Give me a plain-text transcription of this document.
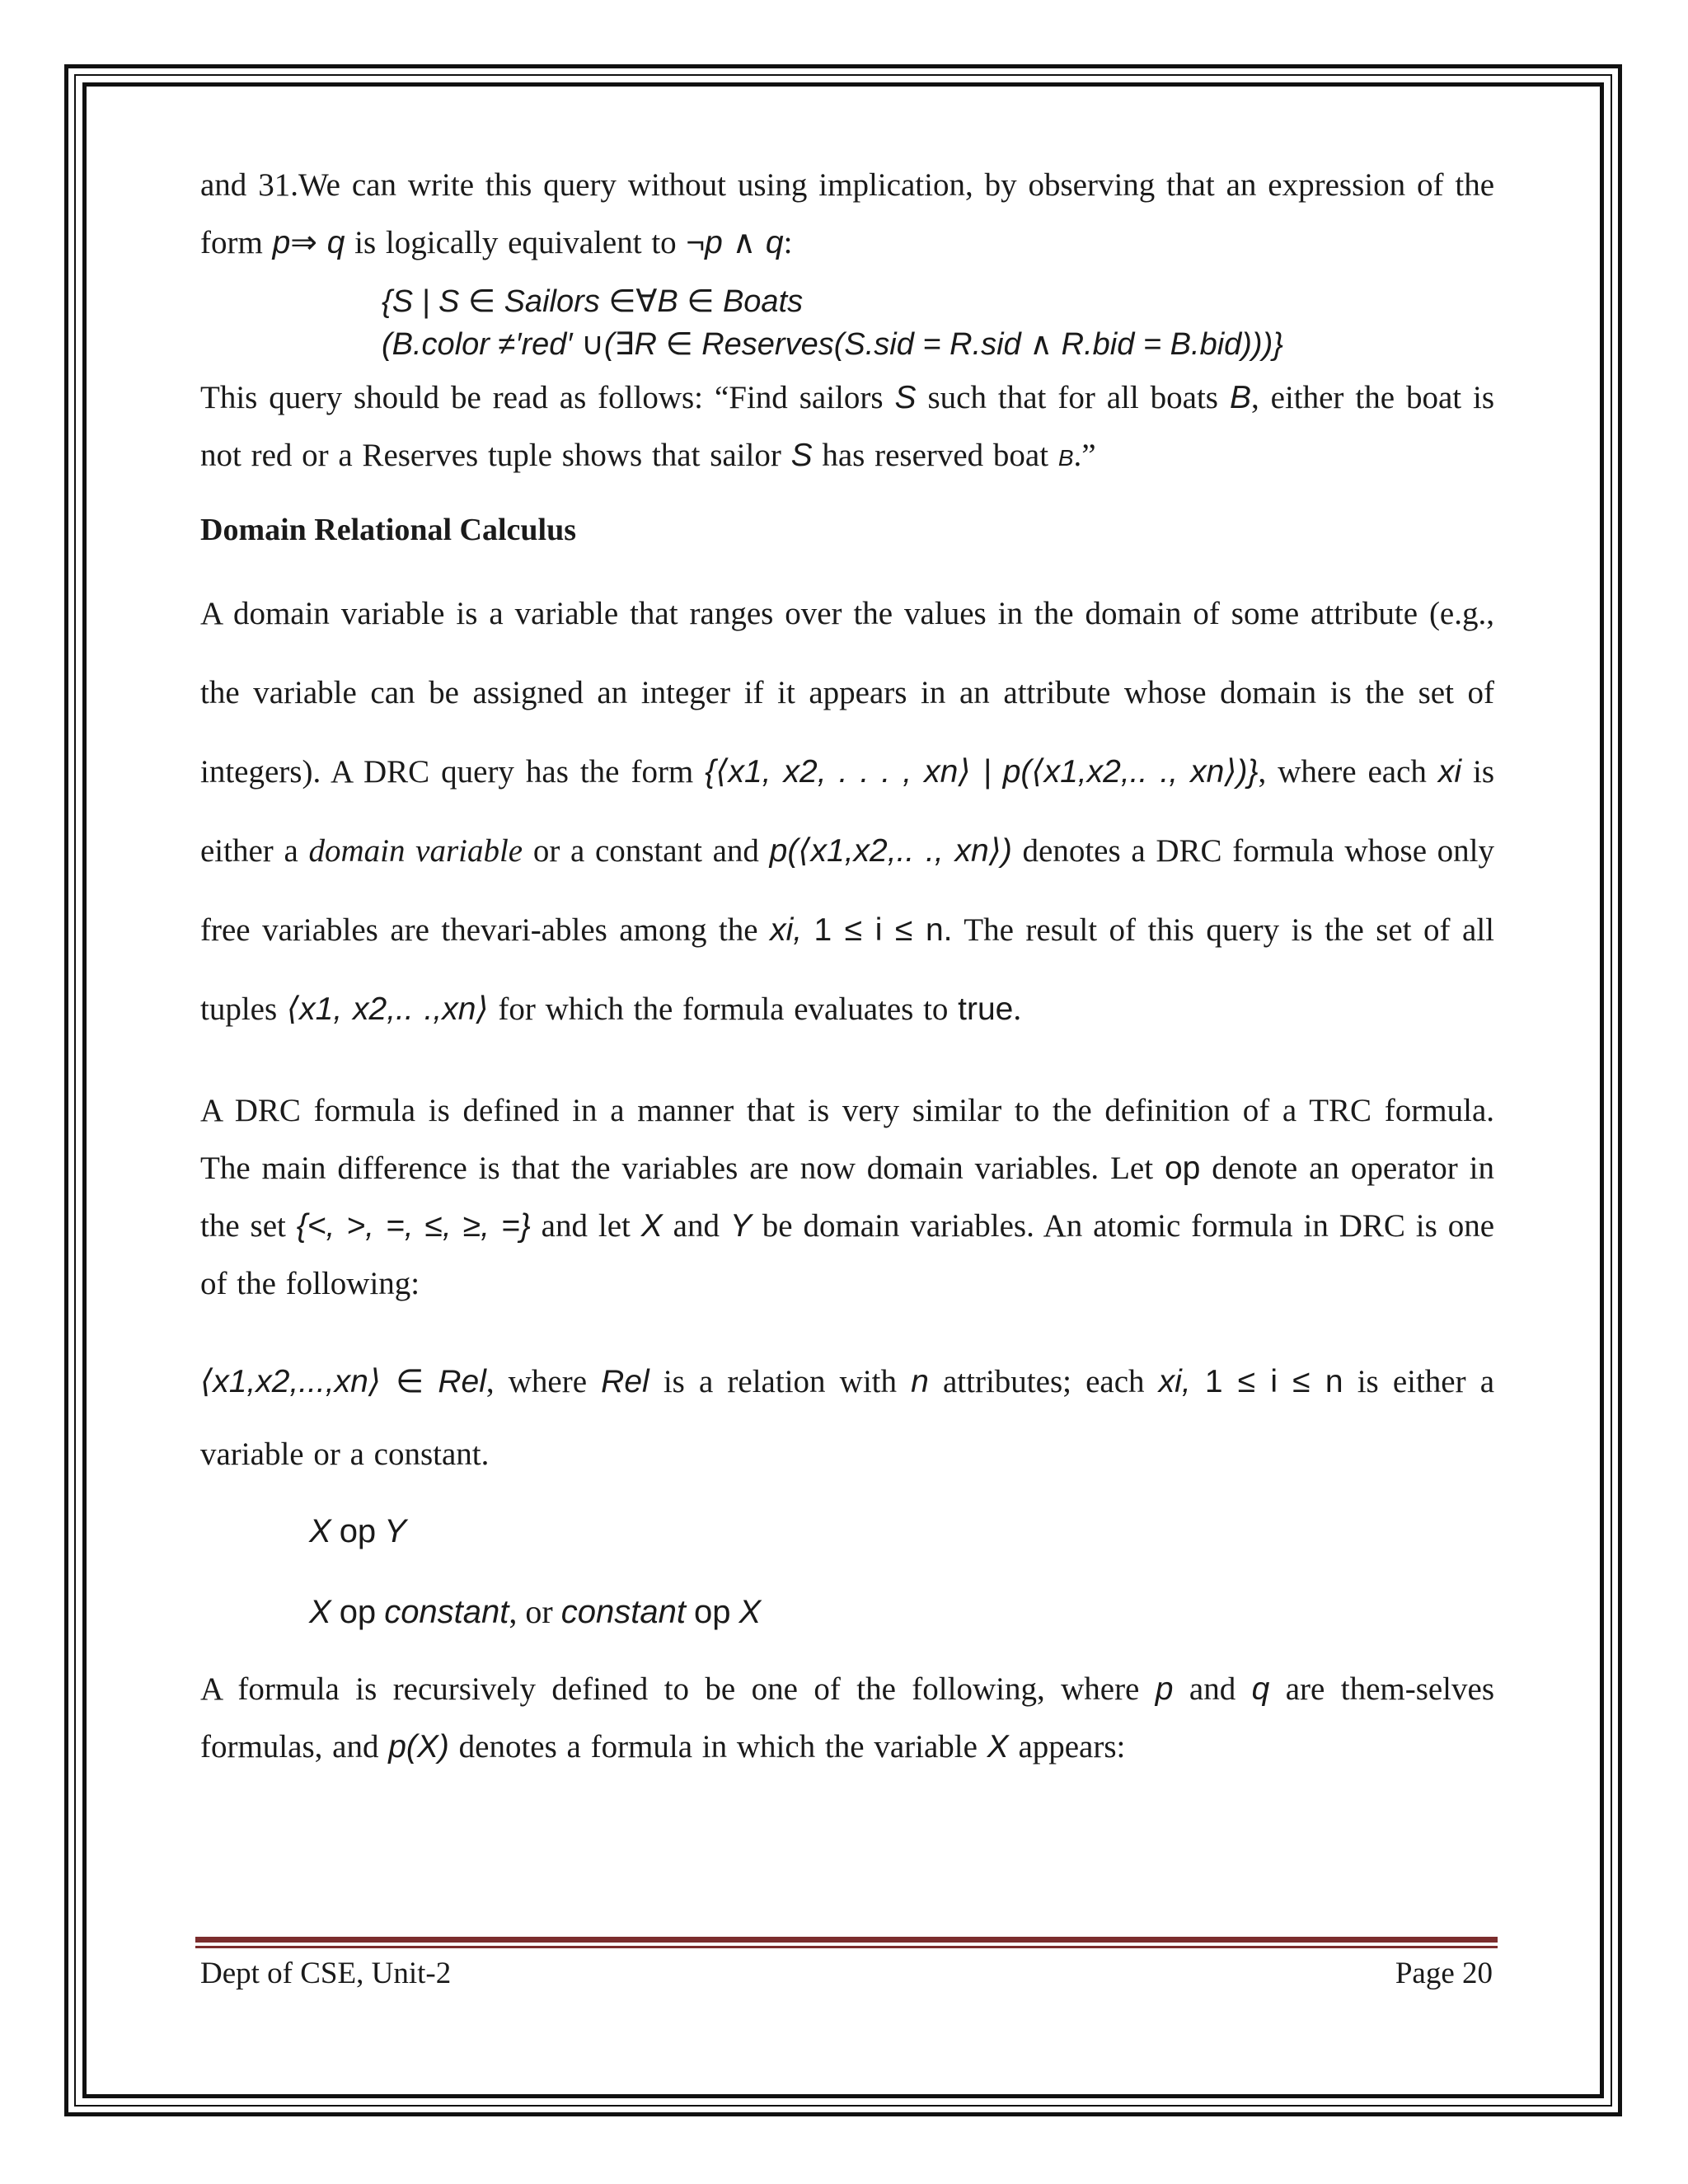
and 31.We can write this query without using implication, by observing that an expression of the form p⇒ q is logically equivalent to ¬p ∧ q:

{S | S ∈ Sailors ∈∀B ∈ Boats
(B.color ≠′red′ ∪(∃R ∈ Reserves(S.sid = R.sid ∧ R.bid = B.bid)))}

This query should be read as follows: “Find sailors S such that for all boats B, either the boat is not red or a Reserves tuple shows that sailor S has reserved boat B.”

Domain Relational Calculus

A domain variable is a variable that ranges over the values in the domain of some attribute (e.g., the variable can be assigned an integer if it appears in an attribute whose domain is the set of integers). A DRC query has the form {⟨x1, x2, . . . , xn⟩ | p(⟨x1,x2,.. ., xn⟩)}, where each xi is either a domain variable or a constant and p(⟨x1,x2,.. ., xn⟩) denotes a DRC formula whose only free variables are thevari-ables among the xi, 1 ≤ i ≤ n. The result of this query is the set of all tuples ⟨x1, x2,.. .,xn⟩ for which the formula evaluates to true.

A DRC formula is defined in a manner that is very similar to the definition of a TRC formula. The main difference is that the variables are now domain variables. Let op denote an operator in the set {<, >, =, ≤, ≥, =} and let X and Y be domain variables. An atomic formula in DRC is one of the following:

⟨x1,x2,...,xn⟩ ∈ Rel, where Rel is a relation with n attributes; each xi, 1 ≤ i ≤ n is either a variable or a constant.

X op Y
X op constant, or constant op X

A formula is recursively defined to be one of the following, where p and q are them-selves formulas, and p(X) denotes a formula in which the variable X appears:

Dept of CSE, Unit-2	Page 20
